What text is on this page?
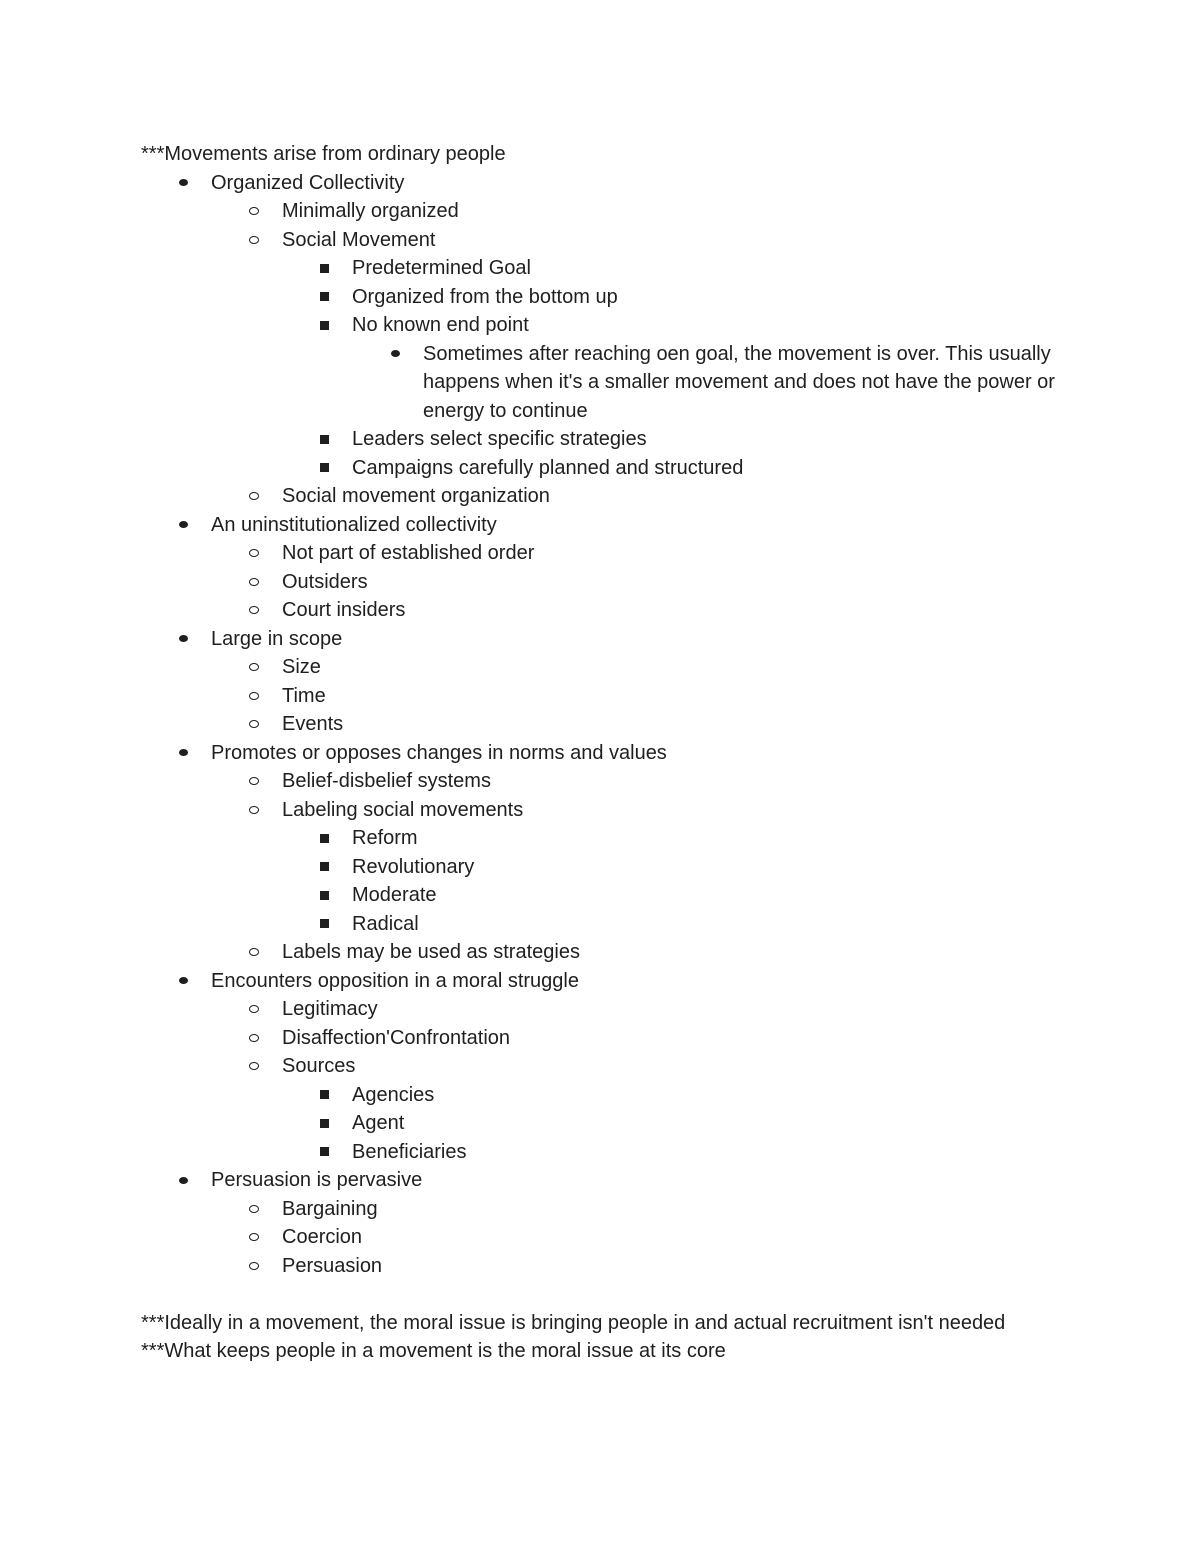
***Movements arise from ordinary people

Organized Collectivity
Minimally organized
Social Movement
Predetermined Goal
Organized from the bottom up
No known end point
Sometimes after reaching oen goal, the movement is over. This usually happens when it's a smaller movement and does not have the power or energy to continue
Leaders select specific strategies
Campaigns carefully planned and structured
Social movement organization
An uninstitutionalized collectivity
Not part of established order
Outsiders
Court insiders
Large in scope
Size
Time
Events
Promotes or opposes changes in norms and values
Belief-disbelief systems
Labeling social movements
Reform
Revolutionary
Moderate
Radical
Labels may be used as strategies
Encounters opposition in a moral struggle
Legitimacy
Disaffection'Confrontation
Sources
Agencies
Agent
Beneficiaries
Persuasion is pervasive
Bargaining
Coercion
Persuasion

***Ideally in a movement, the moral issue is bringing people in and actual recruitment isn't needed

***What keeps people in a movement is the moral issue at its core
